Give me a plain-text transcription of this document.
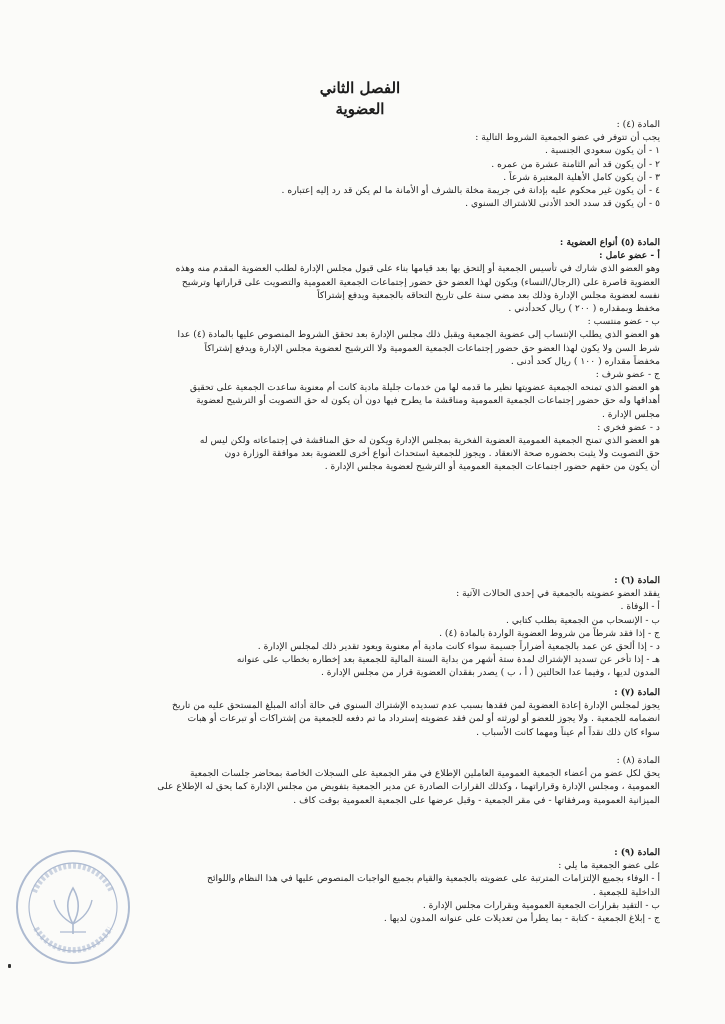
الفصل الثاني
العضوية
المادة (٤) :
يجب أن تتوفر في عضو الجمعية الشروط التالية :
١ - أن يكون سعودي الجنسية .
٢ - أن يكون قد أتم الثامنة عشرة من عمره .
٣ - أن يكون كامل الأهلية المعتبرة شرعاً .
٤ - أن يكون غير محكوم عليه بإدانة في جريمة مخلة بالشرف أو الأمانة ما لم يكن قد رد إليه إعتباره .
٥ - أن يكون قد سدد الحد الأدنى للاشتراك السنوي .
المادة (٥) أنواع العضوية :
أ - عضو عامل :
وهو العضو الذي شارك في تأسيس الجمعية أو إلتحق بها بعد قيامها بناء على قبول مجلس الإدارة لطلب العضوية المقدم منه وهذه
العضوية قاصرة على (الرجال/النساء) ويكون لهذا العضو حق حضور إجتماعات الجمعية العمومية والتصويت على قراراتها وترشيح
نفسه لعضوية مجلس الإدارة وذلك بعد مضي سنة على تاريخ التحاقه بالجمعية ويدفع إشتراكاً
مخفظ وبمقداره ( ٢٠٠ ) ريال كحدأدني .
ب - عضو منتسب :
هو العضو الذي يطلب الإنتساب إلى عضوية الجمعية ويقبل ذلك مجلس الإدارة بعد تحقق الشروط المنصوص عليها بالمادة (٤) عدا
شرط السن ولا يكون لهذا العضو حق حضور إجتماعات الجمعية العمومية ولا الترشيح لعضوية مجلس الإدارة ويدفع إشتراكاً
مخفضاً مقداره ( ١٠٠ ) ريال كحد أدنى .
ج - عضو شرف :
هو العضو الذي تمنحه الجمعية عضويتها نظير ما قدمه لها من خدمات جليلة مادية كانت أم معنوية ساعدت الجمعية على تحقيق
أهدافها وله حق حضور إجتماعات الجمعية العمومية ومناقشة ما يطرح فيها دون أن يكون له حق التصويت أو الترشيح لعضوية
مجلس الإدارة .
د - عضو فخري :
هو العضو الذي تمنح الجمعية العمومية العضوية الفخرية بمجلس الإدارة ويكون له حق المناقشة في إجتماعاته ولكن ليس له
حق التصويت ولا يثبت بحضوره صحة الانعقاد . ويجوز للجمعية استحداث أنواع أخرى للعضوية بعد موافقة الوزارة دون
أن يكون من حقهم حضور اجتماعات الجمعية العمومية أو الترشيح لعضوية مجلس الإدارة .
المادة (٦) :
يفقد العضو عضويته بالجمعية في إحدى الحالات الآتية :
أ - الوفاة .
ب - الإنسحاب من الجمعية بطلب كتابي .
ج - إذا فقد شرطاً من شروط العضوية الواردة بالمادة (٤) .
د - إذا ألحق عن عمد بالجمعية أضراراً جسيمة سواء كانت مادية أم معنوية ويعود تقدير ذلك لمجلس الإدارة .
هـ - إذا تأخر عن تسديد الإشتراك لمدة ستة أشهر من بداية السنة المالية للجمعية بعد إخطاره بخطاب على عنوانه
المدون لديها ، وفيما عدا الحالتين ( أ ، ب ) يصدر بفقدان العضوية قرار من مجلس الإدارة .
المادة (٧) :
يجوز لمجلس الإدارة إعادة العضوية لمن فقدها بسبب عدم تسديده الإشتراك السنوي في حالة أدائه المبلغ المستحق عليه من تاريخ
انضمامه للجمعية . ولا يجوز للعضو أو لورثته أو لمن فقد عضويته إسترداد ما تم دفعه للجمعية من إشتراكات أو تبرعات أو هبات
سواء كان ذلك نقداً أم عيناً ومهما كانت الأسباب .
المادة (٨) :
يحق لكل عضو من أعضاء الجمعية العمومية العاملين الإطلاع في مقر الجمعية على السجلات الخاصة بمحاضر جلسات الجمعية
العمومية ، ومجلس الإدارة وقراراتهما ، وكذلك القرارات الصادرة عن مدير الجمعية بتفويض من مجلس الإدارة كما يحق له الإطلاع على
الميزانية العمومية ومرفقاتها - في مقر الجمعية - وقبل عرضها على الجمعية العمومية بوقت كاف .
المادة (٩) :
على عضو الجمعية ما يلي :
أ - الوفاء بجميع الإلتزامات المترتبة على عضويته بالجمعية والقيام بجميع الواجبات المنصوص عليها في هذا النظام واللوائح
الداخلية للجمعية .
ب - التقيد بقرارات الجمعية العمومية وبقرارات مجلس الإدارة .
ج - إبلاغ الجمعية - كتابة - بما يطرأ من تعديلات على عنوانه المدون لديها .
